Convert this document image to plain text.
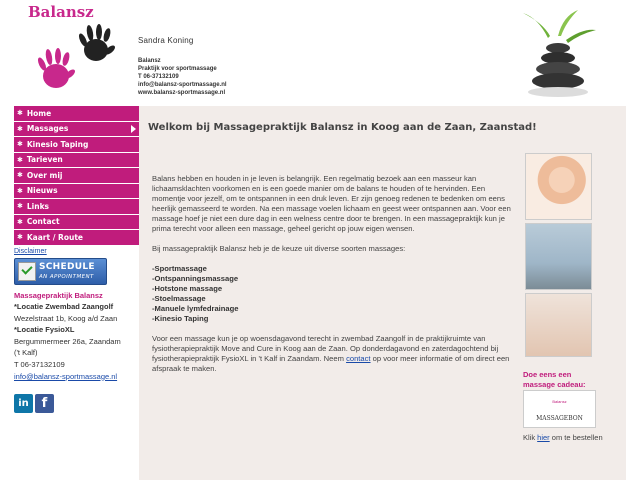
Balansz
Sandra Koning
Balansz
Praktijk voor sportmassage
T 06-37132109
info@balansz-sportmassage.nl
www.balansz-sportmassage.nl
✱ Home
✱ Massages
✱ Kinesio Taping
✱ Tarieven
✱ Over mij
✱ Nieuws
✱ Links
✱ Contact
✱ Kaart / Route
Disclaimer
SCHEDULE
AN APPOINTMENT
Massagepraktijk Balansz
*Locatie Zwembad Zaangolf
Wezelstraat 1b, Koog a/d Zaan
*Locatie FysioXL
Bergummermeer 26a, Zaandam
('t Kalf)
T 06-37132109
info@balansz-sportmassage.nl
in f
Welkom bij Massagepraktijk Balansz in Koog aan de Zaan, Zaanstad!

Balans hebben en houden in je leven is belangrijk. Een regelmatig bezoek aan een masseur kan lichaamsklachten voorkomen en is een goede manier om de balans te houden of te hervinden. Een momentje voor jezelf, om te ontspannen in een druk leven. Er zijn genoeg redenen te bedenken om eens heerlijk gemasseerd te worden. Na een massage voelen lichaam en geest weer ontspannen aan. Voor een massage hoef je niet een dure dag in een welness centre door te brengen. In een massagepraktijk kun je prima terecht voor alleen een massage, geheel gericht op jouw eigen wensen.

Bij massagepraktijk Balansz heb je de keuze uit diverse soorten massages:

-Sportmassage
-Ontspanningsmassage
-Hotstone massage
-Stoelmassage
-Manuele lymfedrainage
-Kinesio Taping

Voor een massage kun je op woensdagavond terecht in zwembad Zaangolf in de praktijkruimte van fysiotherapiepraktijk Move and Cure in Koog aan de Zaan. Op donderdagavond en zaterdagochtend bij fysiotherapiepraktijk FysioXL in 't Kalf in Zaandam. Neem contact op voor meer informatie of om direct een afspraak te maken.

Doe eens een
massage cadeau:
Balansz
MASSAGEBON
Klik hier om te bestellen
